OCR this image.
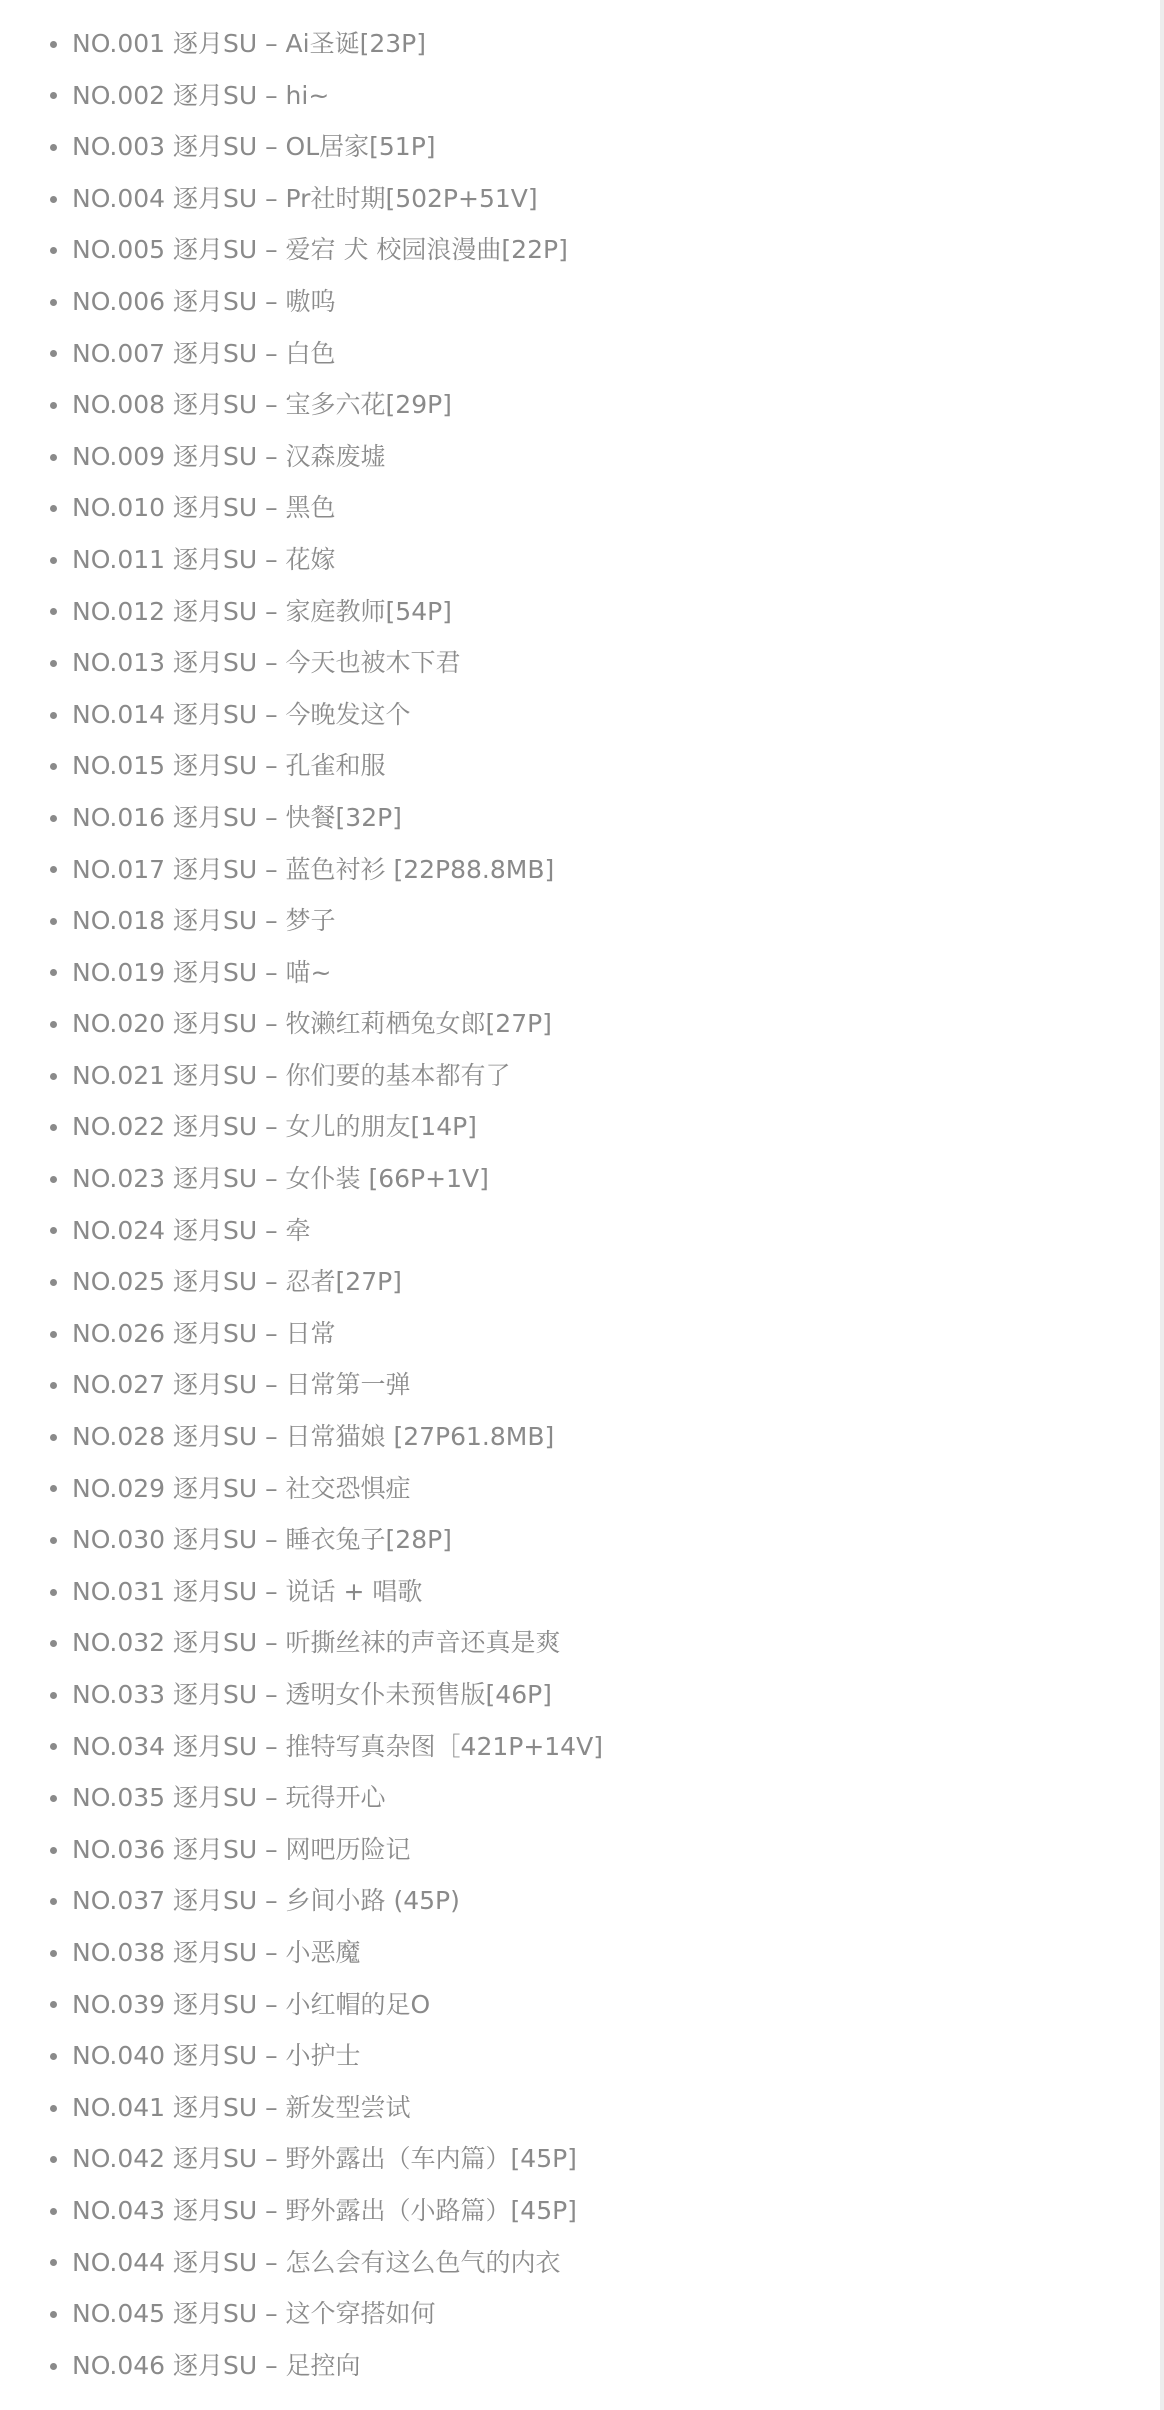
NO.001 逐月SU – Ai圣诞[23P]
NO.002 逐月SU – hi~
NO.003 逐月SU – OL居家[51P]
NO.004 逐月SU – Pr社时期[502P+51V]
NO.005 逐月SU – 爱宕 犬 校园浪漫曲[22P]
NO.006 逐月SU – 嗷呜
NO.007 逐月SU – 白色
NO.008 逐月SU – 宝多六花[29P]
NO.009 逐月SU – 汉森废墟
NO.010 逐月SU – 黑色
NO.011 逐月SU – 花嫁
NO.012 逐月SU – 家庭教师[54P]
NO.013 逐月SU – 今天也被木下君
NO.014 逐月SU – 今晚发这个
NO.015 逐月SU – 孔雀和服
NO.016 逐月SU – 快餐[32P]
NO.017 逐月SU – 蓝色衬衫 [22P88.8MB]
NO.018 逐月SU – 梦子
NO.019 逐月SU – 喵~
NO.020 逐月SU – 牧濑红莉栖兔女郎[27P]
NO.021 逐月SU – 你们要的基本都有了
NO.022 逐月SU – 女儿的朋友[14P]
NO.023 逐月SU – 女仆装 [66P+1V]
NO.024 逐月SU – 牵
NO.025 逐月SU – 忍者[27P]
NO.026 逐月SU – 日常
NO.027 逐月SU – 日常第一弹
NO.028 逐月SU – 日常猫娘 [27P61.8MB]
NO.029 逐月SU – 社交恐惧症
NO.030 逐月SU – 睡衣兔子[28P]
NO.031 逐月SU – 说话 + 唱歌
NO.032 逐月SU – 听撕丝袜的声音还真是爽
NO.033 逐月SU – 透明女仆未预售版[46P]
NO.034 逐月SU – 推特写真杂图［421P+14V]
NO.035 逐月SU – 玩得开心
NO.036 逐月SU – 网吧历险记
NO.037 逐月SU – 乡间小路 (45P)
NO.038 逐月SU – 小恶魔
NO.039 逐月SU – 小红帽的足O
NO.040 逐月SU – 小护士
NO.041 逐月SU – 新发型尝试
NO.042 逐月SU – 野外露出（车内篇）[45P]
NO.043 逐月SU – 野外露出（小路篇）[45P]
NO.044 逐月SU – 怎么会有这么色气的内衣
NO.045 逐月SU – 这个穿搭如何
NO.046 逐月SU – 足控向
